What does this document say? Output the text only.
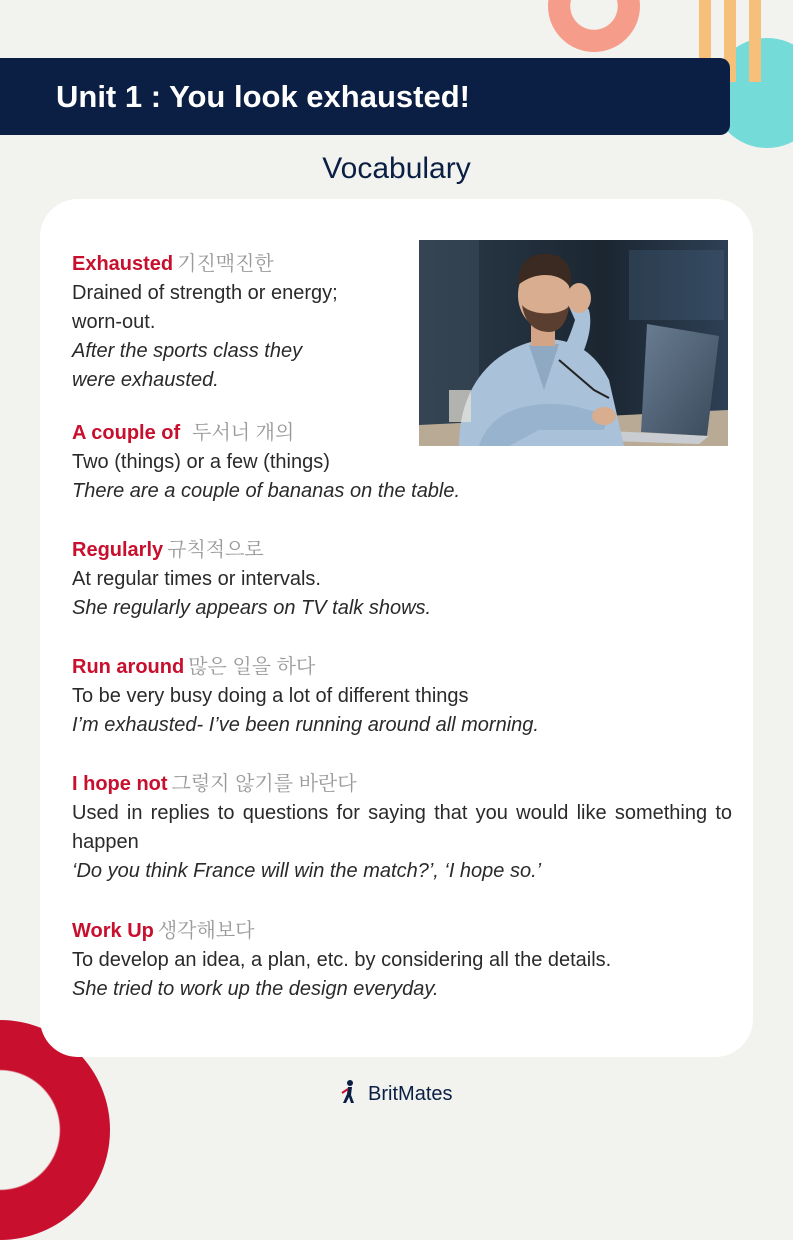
Unit 1 : You look exhausted!
Vocabulary
Exhausted 기진맥진한
Drained of strength or energy;
worn-out.
After the sports class they
were exhausted.
A couple of 두서너 개의
Two (things) or a few (things)
There are a couple of bananas on the table.
Regularly 규칙적으로
At regular times or intervals.
She regularly appears on TV talk shows.
Run around 많은 일을 하다
To be very busy doing a lot of different things
I’m exhausted- I’ve been running around all morning.
I hope not 그렇지 않기를 바란다
Used in replies to questions for saying that you would like something to happen
‘Do you think France will win the match?’, ‘I hope so.’
Work Up 생각해보다
To develop an idea, a plan, etc. by considering all the details.
She tried to work up the design everyday.
BritMates
